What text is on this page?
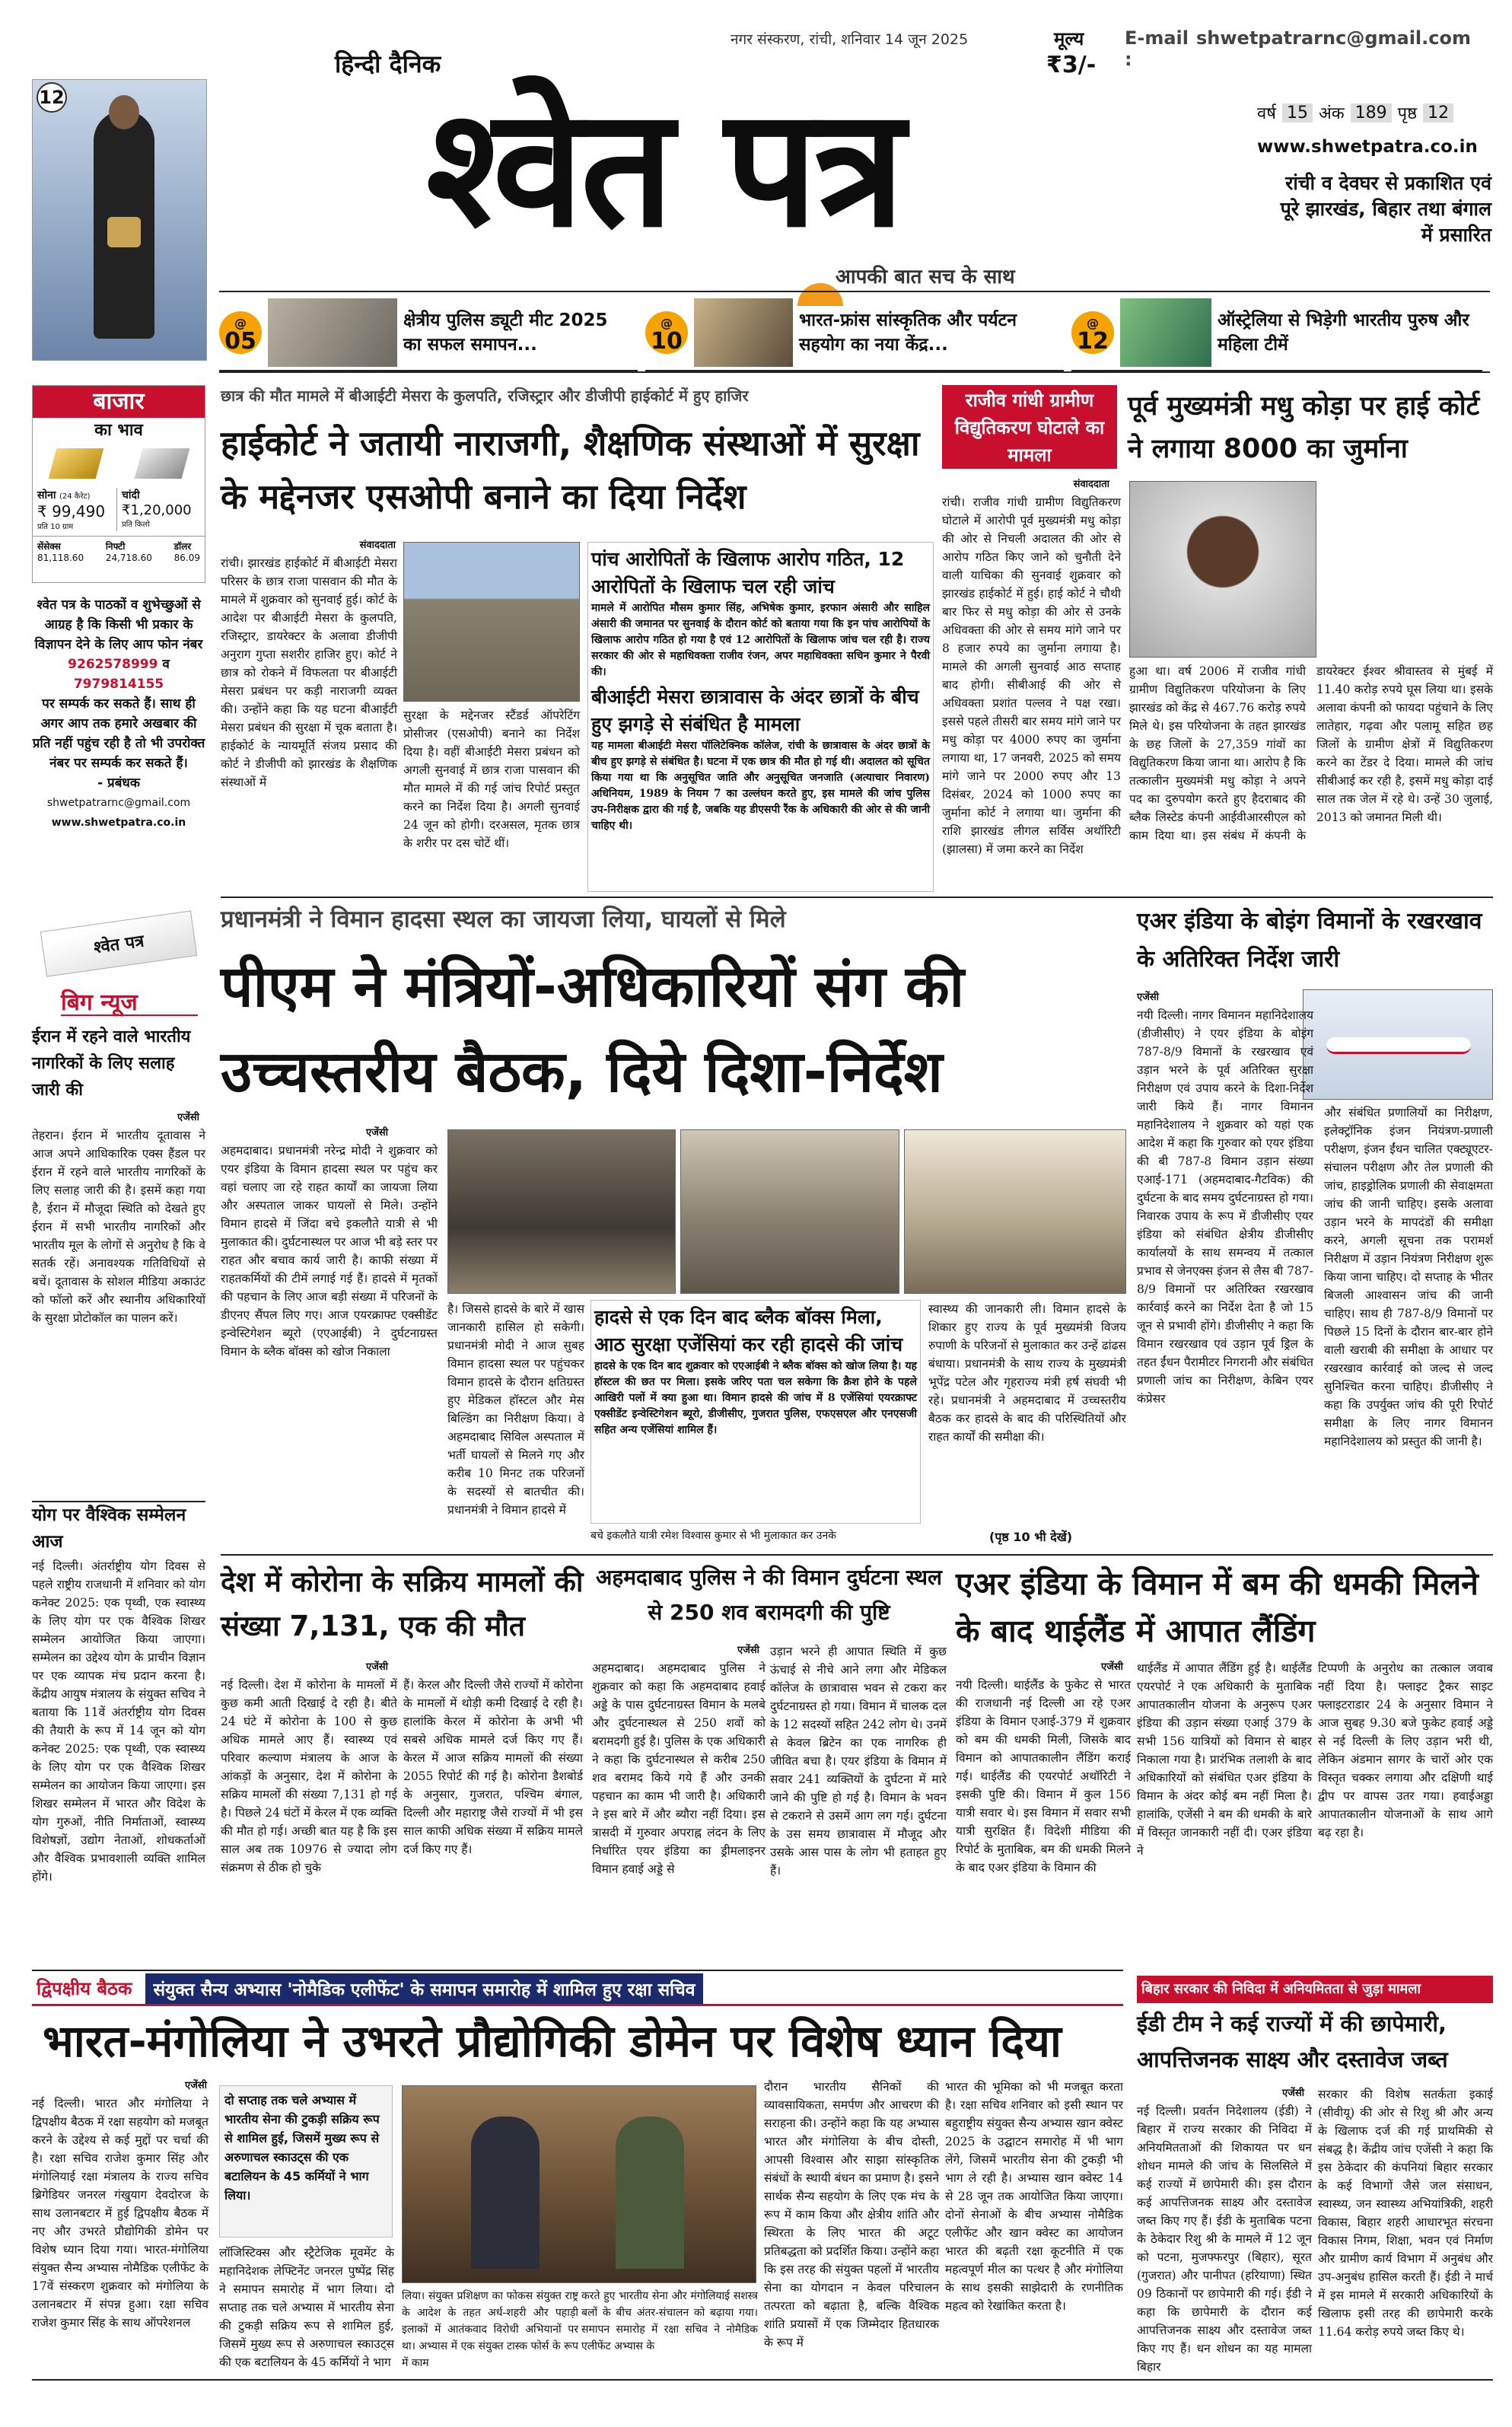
12
हिन्दी दैनिक
नगर संस्करण, रांची, शनिवार 14 जून 2025	मूल्य
₹3/-
E-mail :
shwetpatrarnc@gmail.com
श्वेत पत्र
आपकी बात सच के साथ
वर्ष 15 अंक 189 पृष्ठ 12
www.shwetpatra.co.in
रांची व देवघर से प्रकाशित एवं पूरे झारखंड, बिहार तथा बंगाल में प्रसारित
@
05
क्षेत्रीय पुलिस ड्यूटी मीट 2025 का सफल समापन...
@
10
भारत-फ्रांस सांस्कृतिक और पर्यटन सहयोग का नया केंद्र...
@
12
ऑस्ट्रेलिया से भिड़ेगी भारतीय पुरुष और महिला टीमें
बाजार
का भाव
सोना (24 कैरेट)
₹ 99,490
प्रति 10 ग्राम
चांदी
₹1,20,000
प्रति किलो
सेंसेक्स
81,118.60
निफ्टी
24,718.60
डॉलर
86.09
श्वेत पत्र के पाठकों व शुभेच्छुओं से आग्रह है कि किसी भी प्रकार के विज्ञापन देने के लिए आप फोन नंबर
9262578999 व 7979814155
पर सम्पर्क कर सकते हैं। साथ ही अगर आप तक हमारे अखबार की प्रति नहीं पहुंच रही है तो भी उपरोक्त नंबर पर सम्पर्क कर सकते हैं।
- प्रबंधक
shwetpatrarnc@gmail.com
www.shwetpatra.co.in
श्वेत पत्र
छात्र की मौत मामले में बीआईटी मेसरा के कुलपति, रजिस्ट्रार और डीजीपी हाईकोर्ट में हुए हाजिर
हाईकोर्ट ने जतायी नाराजगी, शैक्षणिक संस्थाओं में सुरक्षा के मद्देनजर एसओपी बनाने का दिया निर्देश
संवाददाता
रांची। झारखंड हाईकोर्ट में बीआईटी मेसरा परिसर के छात्र राजा पासवान की मौत के मामले में शुक्रवार को सुनवाई हुई। कोर्ट के आदेश पर बीआईटी मेसरा के कुलपति, रजिस्ट्रार, डायरेक्टर के अलावा डीजीपी अनुराग गुप्ता सशरीर हाजिर हुए। कोर्ट ने छात्र को रोकने में विफलता पर बीआईटी मेसरा प्रबंधन पर कड़ी नाराजगी व्यक्त की। उन्होंने कहा कि यह घटना बीआईटी मेसरा प्रबंधन की सुरक्षा में चूक बताता है। हाईकोर्ट के न्यायमूर्ति संजय प्रसाद की कोर्ट ने डीजीपी को झारखंड के शैक्षणिक संस्थाओं में
सुरक्षा के मद्देनजर स्टैंडर्ड ऑपरेटिंग प्रोसीजर (एसओपी) बनाने का निर्देश दिया है। वहीं बीआईटी मेसरा प्रबंधन को अगली सुनवाई में छात्र राजा पासवान की मौत मामले में की गई जांच रिपोर्ट प्रस्तुत करने का निर्देश दिया है। अगली सुनवाई 24 जून को होगी। दरअसल, मृतक छात्र के शरीर पर दस चोटें थीं।
पांच आरोपितों के खिलाफ आरोप गठित, 12 आरोपितों के खिलाफ चल रही जांच
मामले में आरोपित मौसम कुमार सिंह, अभिषेक कुमार, इरफान अंसारी और साहिल अंसारी की जमानत पर सुनवाई के दौरान कोर्ट को बताया गया कि इन पांच आरोपियों के खिलाफ आरोप गठित हो गया है एवं 12 आरोपितों के खिलाफ जांच चल रही है। राज्य सरकार की ओर से महाधिवक्ता राजीव रंजन, अपर महाधिवक्ता सचिन कुमार ने पैरवी की।
बीआईटी मेसरा छात्रावास के अंदर छात्रों के बीच हुए झगड़े से संबंधित है मामला
यह मामला बीआईटी मेसरा पॉलिटेक्निक कॉलेज, रांची के छात्रावास के अंदर छात्रों के बीच हुए झगड़े से संबंधित है। घटना में एक छात्र की मौत हो गई थी। अदालत को सूचित किया गया था कि अनुसूचित जाति और अनुसूचित जनजाति (अत्याचार निवारण) अधिनियम, 1989 के नियम 7 का उल्लंघन करते हुए, इस मामले की जांच पुलिस उप-निरीक्षक द्वारा की गई है, जबकि यह डीएसपी रैंक के अधिकारी की ओर से की जानी चाहिए थी।
राजीव गांधी ग्रामीण विद्युतिकरण घोटाले का मामला
पूर्व मुख्यमंत्री मधु कोड़ा पर हाई कोर्ट ने लगाया 8000 का जुर्माना
संवाददाता
रांची। राजीव गांधी ग्रामीण विद्युतिकरण घोटाले में आरोपी पूर्व मुख्यमंत्री मधु कोड़ा की ओर से निचली अदालत की ओर से आरोप गठित किए जाने को चुनौती देने वाली याचिका की सुनवाई शुक्रवार को झारखंड हाईकोर्ट में हुई। हाई कोर्ट ने चौथी बार फिर से मधु कोड़ा की ओर से उनके अधिवक्ता की ओर से समय मांगे जाने पर 8 हजार रुपये का जुर्माना लगाया है। मामले की अगली सुनवाई आठ सप्ताह बाद होगी। सीबीआई की ओर से अधिवक्ता प्रशांत पल्लव ने पक्ष रखा। इससे पहले तीसरी बार समय मांगे जाने पर मधु कोड़ा पर 4000 रुपए का जुर्माना लगाया था, 17 जनवरी, 2025 को समय मांगे जाने पर 2000 रुपए और 13 दिसंबर, 2024 को 1000 रुपए का जुर्माना कोर्ट ने लगाया था। जुर्माना की राशि झारखंड लीगल सर्विस अथॉरिटी (झालसा) में जमा करने का निर्देश
हुआ था। वर्ष 2006 में राजीव गांधी ग्रामीण विद्युतिकरण परियोजना के लिए झारखंड को केंद्र से 467.76 करोड़ रुपये मिले थे। इस परियोजना के तहत झारखंड के छह जिलों के 27,359 गांवों का विद्युतिकरण किया जाना था। आरोप है कि तत्कालीन मुख्यमंत्री मधु कोड़ा ने अपने पद का दुरुपयोग करते हुए हैदराबाद की ब्लैक लिस्टेड कंपनी आईवीआरसीएल को काम दिया था। इस संबंध में कंपनी के डायरेक्टर ईश्वर श्रीवास्तव से मुंबई में 11.40 करोड़ रुपये घूस लिया था। इसके अलावा कंपनी को फायदा पहुंचाने के लिए लातेहार, गढ़वा और पलामू सहित छह जिलों के ग्रामीण क्षेत्रों में विद्युतिकरण करने का टेंडर दे दिया। मामले की जांच सीबीआई कर रही है, इसमें मधु कोड़ा दाई साल तक जेल में रहे थे। उन्हें 30 जुलाई, 2013 को जमानत मिली थी।
बिग न्यूज
ईरान में रहने वाले भारतीय नागरिकों के लिए सलाह जारी की
एजेंसी
तेहरान। ईरान में भारतीय दूतावास ने आज अपने आधिकारिक एक्स हैंडल पर ईरान में रहने वाले भारतीय नागरिकों के लिए सलाह जारी की है। इसमें कहा गया है, ईरान में मौजूदा स्थिति को देखते हुए ईरान में सभी भारतीय नागरिकों और भारतीय मूल के लोगों से अनुरोध है कि वे सतर्क रहें। अनावश्यक गतिविधियों से बचें। दूतावास के सोशल मीडिया अकाउंट को फॉलो करें और स्थानीय अधिकारियों के सुरक्षा प्रोटोकॉल का पालन करें।
योग पर वैश्विक सम्मेलन आज
नई दिल्ली। अंतर्राष्ट्रीय योग दिवस से पहले राष्ट्रीय राजधानी में शनिवार को योग कनेक्ट 2025: एक पृथ्वी, एक स्वास्थ्य के लिए योग पर एक वैश्विक शिखर सम्मेलन आयोजित किया जाएगा। सम्मेलन का उद्देश्य योग के प्राचीन विज्ञान पर एक व्यापक मंच प्रदान करना है। केंद्रीय आयुष मंत्रालय के संयुक्त सचिव ने बताया कि 11वें अंतर्राष्ट्रीय योग दिवस की तैयारी के रूप में 14 जून को योग कनेक्ट 2025: एक पृथ्वी, एक स्वास्थ्य के लिए योग पर एक वैश्विक शिखर सम्मेलन का आयोजन किया जाएगा। इस शिखर सम्मेलन में भारत और विदेश के योग गुरुओं, नीति निर्माताओं, स्वास्थ्य विशेषज्ञों, उद्योग नेताओं, शोधकर्ताओं और वैश्विक प्रभावशाली व्यक्ति शामिल होंगे।
प्रधानमंत्री ने विमान हादसा स्थल का जायजा लिया, घायलों से मिले
पीएम ने मंत्रियों-अधिकारियों संग की उच्चस्तरीय बैठक, दिये दिशा-निर्देश
एजेंसी
अहमदाबाद। प्रधानमंत्री नरेन्द्र मोदी ने शुक्रवार को एयर इंडिया के विमान हादसा स्थल पर पहुंच कर वहां चलाए जा रहे राहत कार्यों का जायजा लिया और अस्पताल जाकर घायलों से मिले। उन्होंने विमान हादसे में जिंदा बचे इकलौते यात्री से भी मुलाकात की। दुर्घटनास्थल पर आज भी बड़े स्तर पर राहत और बचाव कार्य जारी है। काफी संख्या में राहतकर्मियों की टीमें लगाई गई हैं। हादसे में मृतकों की पहचान के लिए आज बड़ी संख्या में परिजनों के डीएनए सैंपल लिए गए। आज एयरक्राफ्ट एक्सीडेंट इन्वेस्टिगेशन ब्यूरो (एएआईबी) ने दुर्घटनाग्रस्त विमान के ब्लैक बॉक्स को खोज निकाला
है। जिससे हादसे के बारे में खास जानकारी हासिल हो सकेगी। प्रधानमंत्री मोदी ने आज सुबह विमान हादसा स्थल पर पहुंचकर विमान हादसे के दौरान क्षतिग्रस्त हुए मेडिकल हॉस्टल और मेस बिल्डिंग का निरीक्षण किया। वे अहमदाबाद सिविल अस्पताल में भर्ती घायलों से मिलने गए और करीब 10 मिनट तक परिजनों के सदस्यों से बातचीत की। प्रधानमंत्री ने विमान हादसे में
हादसे से एक दिन बाद ब्लैक बॉक्स मिला, आठ सुरक्षा एजेंसियां कर रही हादसे की जांच
हादसे के एक दिन बाद शुक्रवार को एएआईबी ने ब्लैक बॉक्स को खोज लिया है। यह हॉस्टल की छत पर मिला। इसके जरिए पता चल सकेगा कि क्रैश होने के पहले आखिरी पलों में क्या हुआ था। विमान हादसे की जांच में 8 एजेंसियां एयरक्राफ्ट एक्सीडेंट इन्वेस्टिगेशन ब्यूरो, डीजीसीए, गुजरात पुलिस, एफएसएल और एनएसजी सहित अन्य एजेंसियां शामिल हैं।
बचे इकलौते यात्री रमेश विश्वास कुमार से भी मुलाकात कर उनके
स्वास्थ्य की जानकारी ली। विमान हादसे के शिकार हुए राज्य के पूर्व मुख्यमंत्री विजय रुपाणी के परिजनों से मुलाकात कर उन्हें ढांढस बंधाया। प्रधानमंत्री के साथ राज्य के मुख्यमंत्री भूपेंद्र पटेल और गृहराज्य मंत्री हर्ष संघवी भी रहे। प्रधानमंत्री ने अहमदाबाद में उच्चस्तरीय बैठक कर हादसे के बाद की परिस्थितियों और राहत कार्यों की समीक्षा की।
(पृष्ठ 10 भी देखें)
एअर इंडिया के बोइंग विमानों के रखरखाव के अतिरिक्त निर्देश जारी
एजेंसी
नयी दिल्ली। नागर विमानन महानिदेशालय (डीजीसीए) ने एयर इंडिया के बोइंग 787-8/9 विमानों के रखरखाव एवं उड़ान भरने के पूर्व अतिरिक्त सुरक्षा निरीक्षण एवं उपाय करने के दिशा-निर्देश जारी किये हैं। नागर विमानन महानिदेशालय ने शुक्रवार को यहां एक आदेश में कहा कि गुरुवार को एयर इंडिया की बी 787-8 विमान उड़ान संख्या एआई-171 (अहमदाबाद-गैटविक) की दुर्घटना के बाद समय दुर्घटनाग्रस्त हो गया। निवारक उपाय के रूप में डीजीसीए एयर इंडिया को संबंधित क्षेत्रीय डीजीसीए कार्यालयों के साथ समन्वय में तत्काल प्रभाव से जेनएक्स इंजन से लैस बी 787-8/9 विमानों पर अतिरिक्त रखरखाव कार्रवाई करने का निर्देश देता है जो 15 जून से प्रभावी होंगे। डीजीसीए ने कहा कि विमान रखरखाव एवं उड़ान पूर्व ड्रिल के तहत ईंधन पैरामीटर निगरानी और संबंधित प्रणाली जांच का निरीक्षण, केबिन एयर कंप्रेसर
और संबंधित प्रणालियों का निरीक्षण, इलेक्ट्रॉनिक इंजन नियंत्रण-प्रणाली परीक्षण, इंजन ईंधन चालित एक्ट्यूएटर-संचालन परीक्षण और तेल प्रणाली की जांच, हाइड्रोलिक प्रणाली की सेवाक्षमता जांच की जानी चाहिए। इसके अलावा उड़ान भरने के मापदंडों की समीक्षा करने, अगली सूचना तक परामर्श निरीक्षण में उड़ान नियंत्रण निरीक्षण शुरू किया जाना चाहिए। दो सप्ताह के भीतर बिजली आश्वासन जांच की जानी चाहिए। साथ ही 787-8/9 विमानों पर पिछले 15 दिनों के दौरान बार-बार होने वाली खराबी की समीक्षा के आधार पर रखरखाव कार्रवाई को जल्द से जल्द सुनिश्चित करना चाहिए। डीजीसीए ने कहा कि उपर्युक्त जांच की पूरी रिपोर्ट समीक्षा के लिए नागर विमानन महानिदेशालय को प्रस्तुत की जानी है।
देश में कोरोना के सक्रिय मामलों की संख्या 7,131, एक की मौत
एजेंसी
नई दिल्ली। देश में कोरोना के मामलों में कुछ कमी आती दिखाई दे रही है। बीते 24 घंटे में कोरोना के 100 से कुछ अधिक मामले आए हैं। स्वास्थ्य एवं परिवार कल्याण मंत्रालय के आज के आंकड़ों के अनुसार, देश में कोरोना के सक्रिय मामलों की संख्या 7,131 हो गई है। पिछले 24 घंटों में केरल में एक व्यक्ति की मौत हो गई। अच्छी बात यह है कि इस साल अब तक 10976 से ज्यादा लोग संक्रमण से ठीक हो चुके
हैं। केरल और दिल्ली जैसे राज्यों में कोरोना के मामलों में थोड़ी कमी दिखाई दे रही है। हालांकि केरल में कोरोना के अभी भी सबसे अधिक मामले दर्ज किए गए हैं। केरल में आज सक्रिय मामलों की संख्या 2055 रिपोर्ट की गई है। कोरोना डैशबोर्ड के अनुसार, गुजरात, पश्चिम बंगाल, दिल्ली और महाराष्ट्र जैसे राज्यों में भी इस साल काफी अधिक संख्या में सक्रिय मामले दर्ज किए गए हैं।
अहमदाबाद पुलिस ने की विमान दुर्घटना स्थल से 250 शव बरामदगी की पुष्टि
एजेंसी
अहमदाबाद। अहमदाबाद पुलिस ने शुक्रवार को कहा कि अहमदाबाद हवाई अड्डे के पास दुर्घटनाग्रस्त विमान के मलबे और दुर्घटनास्थल से 250 शवों को बरामदगी हुई है। पुलिस के एक अधिकारी ने कहा कि दुर्घटनास्थल से करीब 250 शव बरामद किये गये हैं और उनकी पहचान का काम भी जारी है। अधिकारी ने इस बारे में और ब्यौरा नहीं दिया। इस त्रासदी में गुरुवार अपराह्न लंदन के लिए निर्धारित एयर इंडिया का ड्रीमलाइनर विमान हवाई अड्डे से
उड़ान भरने ही आपात स्थिति में कुछ ऊंचाई से नीचे आने लगा और मेडिकल कॉलेज के छात्रावास भवन से टकरा कर दुर्घटनाग्रस्त हो गया। विमान में चालक दल के 12 सदस्यों सहित 242 लोग थे। उनमें से केवल ब्रिटेन का एक नागरिक ही जीवित बचा है। एयर इंडिया के विमान में सवार 241 व्यक्तियों के दुर्घटना में मारे जाने की पुष्टि हो गई है। विमान के भवन से टकराने से उसमें आग लग गई। दुर्घटना के उस समय छात्रावास में मौजूद और उसके आस पास के लोग भी हताहत हुए हैं।
एअर इंडिया के विमान में बम की धमकी मिलने के बाद थाईलैंड में आपात लैंडिंग
एजेंसी
नयी दिल्ली। थाईलैंड के फुकेट से भारत की राजधानी नई दिल्ली आ रहे एअर इंडिया के विमान एआई-379 में शुक्रवार को बम की धमकी मिली, जिसके बाद विमान को आपातकालीन लैंडिंग कराई गई। थाईलैंड की एयरपोर्ट अथॉरिटी ने इसकी पुष्टि की। विमान में कुल 156 यात्री सवार थे। इस विमान में सवार सभी यात्री सुरक्षित हैं। विदेशी मीडिया की रिपोर्ट के मुताबिक, बम की धमकी मिलने के बाद एअर इंडिया के विमान की
थाईलैंड में आपात लैंडिंग हुई है। थाईलैंड एयरपोर्ट ने एक अधिकारी के मुताबिक आपातकालीन योजना के अनुरूप एअर इंडिया की उड़ान संख्या एआई 379 के सभी 156 यात्रियों को विमान से बाहर निकाला गया है। प्रारंभिक तलाशी के बाद अधिकारियों को संबंधित एअर इंडिया के विमान के अंदर कोई बम नहीं मिला है। हालांकि, एजेंसी ने बम की धमकी के बारे में विस्तृत जानकारी नहीं दी। एअर इंडिया ने
टिप्पणी के अनुरोध का तत्काल जवाब नहीं दिया है। फ्लाइट ट्रैकर साइट फ्लाइटराडार 24 के अनुसार विमान ने आज सुबह 9.30 बजे फुकेट हवाई अड्डे से नई दिल्ली के लिए उड़ान भरी थी, लेकिन अंडमान सागर के चारों ओर एक विस्तृत चक्कर लगाया और दक्षिणी थाई द्वीप पर वापस उतर गया। हवाईअड्डा आपातकालीन योजनाओं के साथ आगे बढ़ रहा है।
द्विपक्षीय बैठक	संयुक्त सैन्य अभ्यास 'नोमैडिक एलीफेंट' के समापन समारोह में शामिल हुए रक्षा सचिव
भारत-मंगोलिया ने उभरते प्रौद्योगिकी डोमेन पर विशेष ध्यान दिया
एजेंसी
नई दिल्ली। भारत और मंगोलिया ने द्विपक्षीय बैठक में रक्षा सहयोग को मजबूत करने के उद्देश्य से कई मुद्दों पर चर्चा की है। रक्षा सचिव राजेश कुमार सिंह और मंगोलियाई रक्षा मंत्रालय के राज्य सचिव ब्रिगेडियर जनरल गंखुयाग देवदोरज के साथ उलानबटार में हुई द्विपक्षीय बैठक में नए और उभरते प्रौद्योगिकी डोमेन पर विशेष ध्यान दिया गया। भारत-मंगोलिया संयुक्त सैन्य अभ्यास नोमैडिक एलीफेंट के 17वें संस्करण शुक्रवार को मंगोलिया के उलानबटार में संपन्न हुआ। रक्षा सचिव राजेश कुमार सिंह के साथ ऑपरेशनल
दो सप्ताह तक चले अभ्यास में भारतीय सेना की टुकड़ी सक्रिय रूप से शामिल हुई, जिसमें मुख्य रूप से अरुणाचल स्काउट्स की एक बटालियन के 45 कर्मियों ने भाग लिया।
लॉजिस्टिक्स और स्ट्रैटेजिक मूवमेंट के महानिदेशक लेफ्टिनेंट जनरल पुष्पेंद्र सिंह ने समापन समारोह में भाग लिया। दो सप्ताह तक चले अभ्यास में भारतीय सेना की टुकड़ी सक्रिय रूप से शामिल हुई, जिसमें मुख्य रूप से अरुणाचल स्काउट्स की एक बटालियन के 45 कर्मियों ने भाग
लिया। संयुक्त प्रशिक्षण का फोकस संयुक्त राष्ट्र के आदेश के तहत अर्ध-शहरी और पहाड़ी इलाकों में आतंकवाद विरोधी अभियानों पर था। अभ्यास में एक संयुक्त टास्क फोर्स के रूप में काम
करते हुए भारतीय सेना और मंगोलियाई सशस्त्र बलों के बीच अंतर-संचालन को बढ़ाया गया। समापन समारोह में रक्षा सचिव ने नोमैडिक एलीफेंट अभ्यास के
दौरान भारतीय सैनिकों की व्यावसायिकता, समर्पण और आचरण की सराहना की। उन्होंने कहा कि यह अभ्यास भारत और मंगोलिया के बीच दोस्ती, आपसी विश्वास और साझा सांस्कृतिक संबंधों के स्थायी बंधन का प्रमाण है। इसने सार्थक सैन्य सहयोग के लिए एक मंच के रूप में काम किया और क्षेत्रीय शांति और स्थिरता के लिए भारत की अटूट प्रतिबद्धता को प्रदर्शित किया। उन्होंने कहा कि इस तरह की संयुक्त पहलों में भारतीय सेना का योगदान न केवल परिचालन तत्परता को बढ़ाता है, बल्कि वैश्विक शांति प्रयासों में एक जिम्मेदार हितधारक के रूप में
भारत की भूमिका को भी मजबूत करता है। रक्षा सचिव शनिवार को इसी स्थान पर बहुराष्ट्रीय संयुक्त सैन्य अभ्यास खान क्वेस्ट 2025 के उद्घाटन समारोह में भी भाग लेंगे, जिसमें भारतीय सेना की टुकड़ी भी भाग ले रही है। अभ्यास खान क्वेस्ट 14 से 28 जून तक आयोजित किया जाएगा। दोनों सेनाओं के बीच अभ्यास नोमैडिक एलीफेंट और खान क्वेस्ट का आयोजन भारत की बढ़ती रक्षा कूटनीति में एक महत्वपूर्ण मील का पत्थर है और मंगोलिया के साथ इसकी साझेदारी के रणनीतिक महत्व को रेखांकित करता है।
बिहार सरकार की निविदा में अनियमितता से जुड़ा मामला
ईडी टीम ने कई राज्यों में की छापेमारी, आपत्तिजनक साक्ष्य और दस्तावेज जब्त
एजेंसी
नई दिल्ली। प्रवर्तन निदेशालय (ईडी) ने बिहार में राज्य सरकार की निविदा में अनियमितताओं की शिकायत पर धन शोधन मामले की जांच के सिलसिले में कई राज्यों में छापेमारी की। इस दौरान कई आपत्तिजनक साक्ष्य और दस्तावेज जब्त किए गए हैं। ईडी के मुताबिक पटना के ठेकेदार रिशु श्री के मामले में 12 जून को पटना, मुजफ्फरपुर (बिहार), सूरत (गुजरात) और पानीपत (हरियाणा) स्थित 09 ठिकानों पर छापेमारी की गई। ईडी ने कहा कि छापेमारी के दौरान कई आपत्तिजनक साक्ष्य और दस्तावेज जब्त किए गए हैं। धन शोधन का यह मामला बिहार
सरकार की विशेष सतर्कता इकाई (सीवीयू) की ओर से रिशु श्री और अन्य के खिलाफ दर्ज की गई प्राथमिकी से संबद्ध है। केंद्रीय जांच एजेंसी ने कहा कि इस ठेकेदार की कंपनियां बिहार सरकार के कई विभागों जैसे जल संसाधन, स्वास्थ्य, जन स्वास्थ्य अभियांत्रिकी, शहरी विकास, बिहार शहरी आधारभूत संरचना विकास निगम, शिक्षा, भवन एवं निर्माण और ग्रामीण कार्य विभाग में अनुबंध और उप-अनुबंध हासिल करती हैं। ईडी ने मार्च में इस मामले में सरकारी अधिकारियों के खिलाफ इसी तरह की छापेमारी करके 11.64 करोड़ रुपये जब्त किए थे।
